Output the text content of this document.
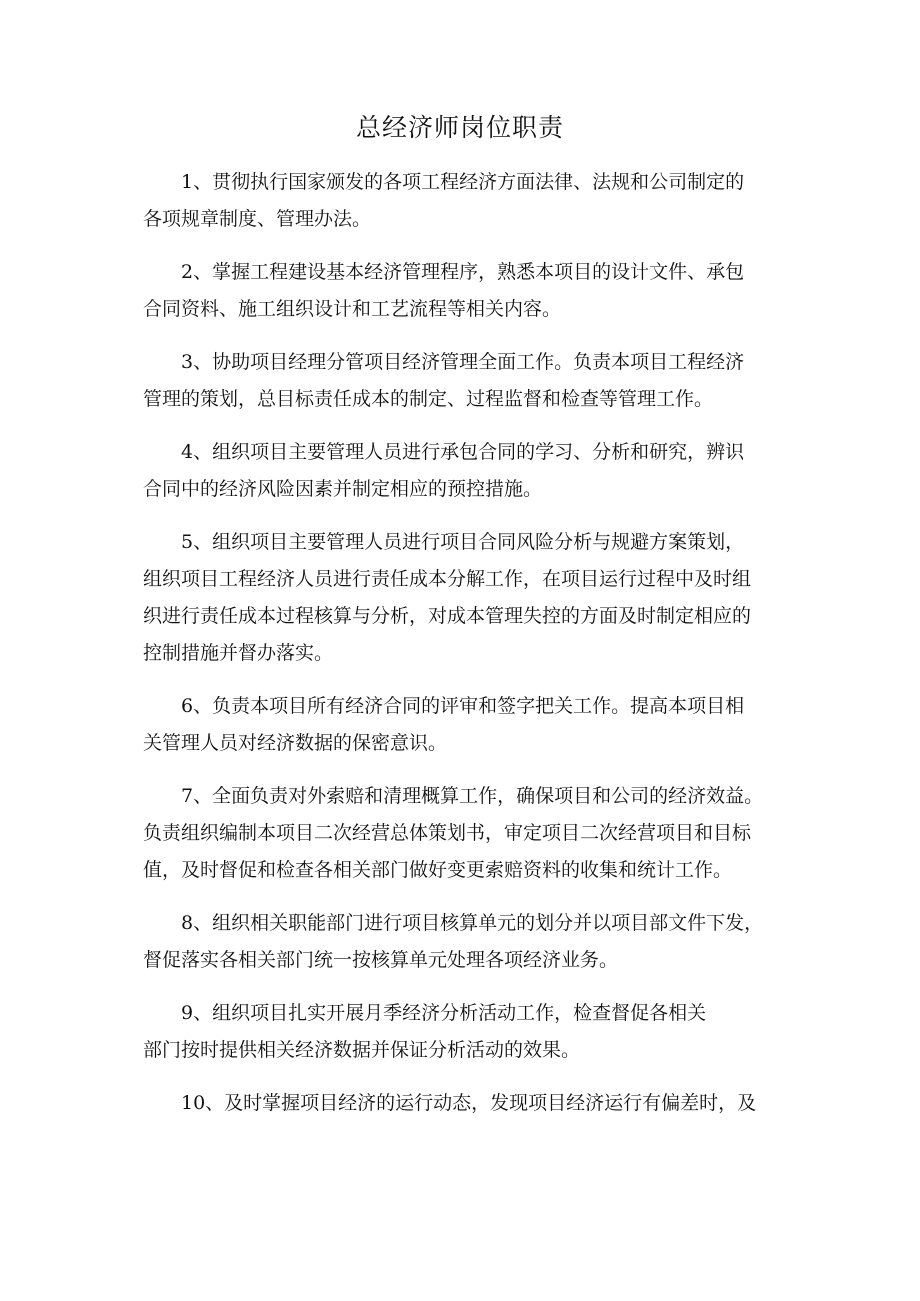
总经济师岗位职责

1、贯彻执行国家颁发的各项工程经济方面法律、法规和公司制定的
各项规章制度、管理办法。

2、掌握工程建设基本经济管理程序，熟悉本项目的设计文件、承包
合同资料、施工组织设计和工艺流程等相关内容。

3、协助项目经理分管项目经济管理全面工作。负责本项目工程经济
管理的策划，总目标责任成本的制定、过程监督和检查等管理工作。

4、组织项目主要管理人员进行承包合同的学习、分析和研究，辨识
合同中的经济风险因素并制定相应的预控措施。

5、组织项目主要管理人员进行项目合同风险分析与规避方案策划，
组织项目工程经济人员进行责任成本分解工作，在项目运行过程中及时组
织进行责任成本过程核算与分析，对成本管理失控的方面及时制定相应的
控制措施并督办落实。

6、负责本项目所有经济合同的评审和签字把关工作。提高本项目相
关管理人员对经济数据的保密意识。

7、全面负责对外索赔和清理概算工作，确保项目和公司的经济效益。
负责组织编制本项目二次经营总体策划书，审定项目二次经营项目和目标
值，及时督促和检查各相关部门做好变更索赔资料的收集和统计工作。

8、组织相关职能部门进行项目核算单元的划分并以项目部文件下发，
督促落实各相关部门统一按核算单元处理各项经济业务。

9、组织项目扎实开展月季经济分析活动工作，检查督促各相关
部门按时提供相关经济数据并保证分析活动的效果。

10、及时掌握项目经济的运行动态，发现项目经济运行有偏差时，及
